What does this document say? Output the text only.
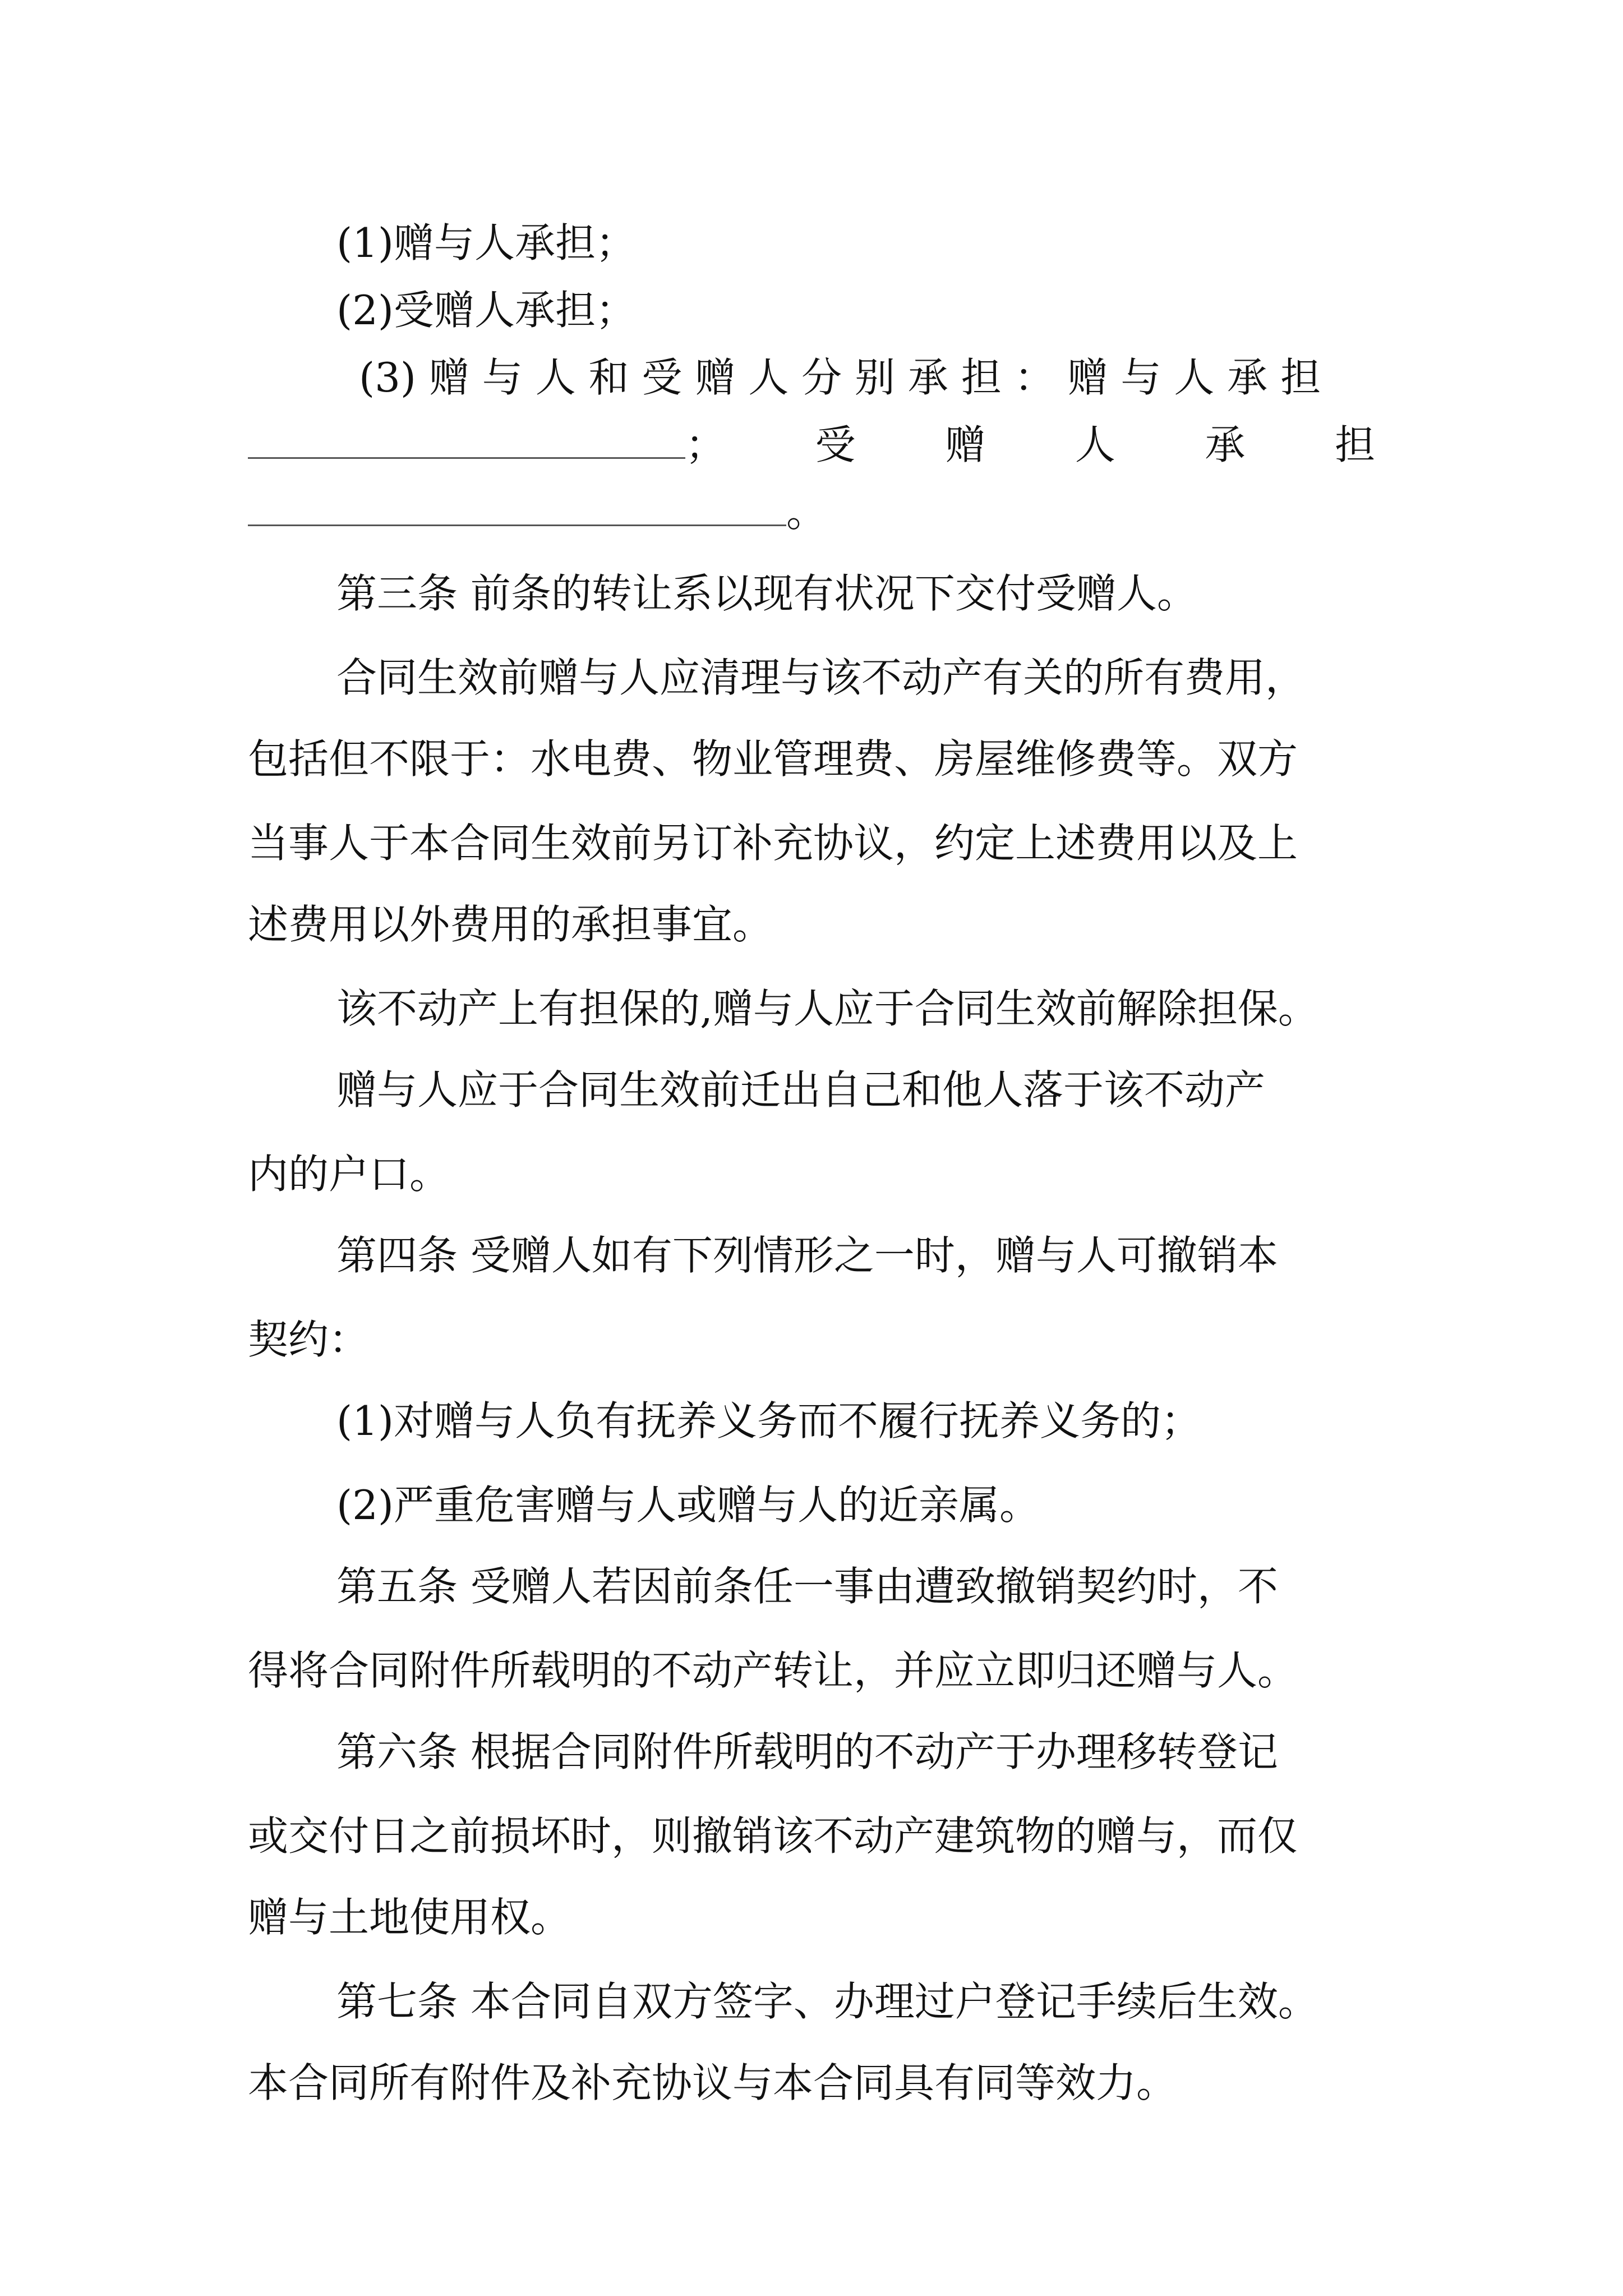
(1)赠与人承担；
(2)受赠人承担；
(3) 赠 与 人 和 受 赠 人 分 别 承 担 ： 赠 与 人 承 担
； 受 赠 人 承 担
。
第三条 前条的转让系以现有状况下交付受赠人。
合同生效前赠与人应清理与该不动产有关的所有费用，
包括但不限于：水电费、物业管理费、房屋维修费等。双方
当事人于本合同生效前另订补充协议，约定上述费用以及上
述费用以外费用的承担事宜。
该不动产上有担保的,赠与人应于合同生效前解除担保。
赠与人应于合同生效前迁出自己和他人落于该不动产
内的户口。
第四条 受赠人如有下列情形之一时，赠与人可撤销本
契约：
(1)对赠与人负有抚养义务而不履行抚养义务的；
(2)严重危害赠与人或赠与人的近亲属。
第五条 受赠人若因前条任一事由遭致撤销契约时，不
得将合同附件所载明的不动产转让，并应立即归还赠与人。
第六条 根据合同附件所载明的不动产于办理移转登记
或交付日之前损坏时，则撤销该不动产建筑物的赠与，而仅
赠与土地使用权。
第七条 本合同自双方签字、办理过户登记手续后生效。
本合同所有附件及补充协议与本合同具有同等效力。
